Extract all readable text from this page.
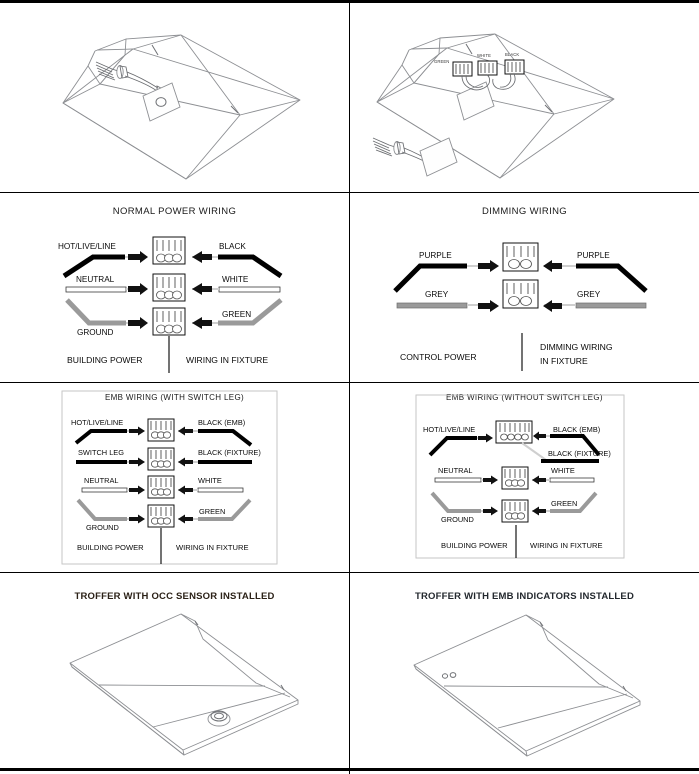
GREEN
WHITE	BLACK
NORMAL POWER WIRING
HOT/LIVE/LINE	BLACK
NEUTRAL	WHITE
GROUND
GREEN
BUILDING POWER	WIRING IN FIXTURE
DIMMING WIRING
PURPLE	PURPLE
GREY	GREY
CONTROL POWER
DIMMING WIRING
IN FIXTURE
EMB WIRING (WITH SWITCH LEG)
HOT/LIVE/LINE	BLACK (EMB)
SWITCH LEG	BLACK (FIXTURE)
NEUTRAL	WHITE
GROUND
GREEN
BUILDING POWER	WIRING IN FIXTURE
EMB WIRING (WITHOUT SWITCH LEG)
HOT/LIVE/LINE	BLACK (EMB)
BLACK (FIXTURE)
NEUTRAL	WHITE
GROUND
GREEN
BUILDING POWER	WIRING IN FIXTURE
TROFFER WITH OCC SENSOR INSTALLED	TROFFER WITH EMB INDICATORS INSTALLED
